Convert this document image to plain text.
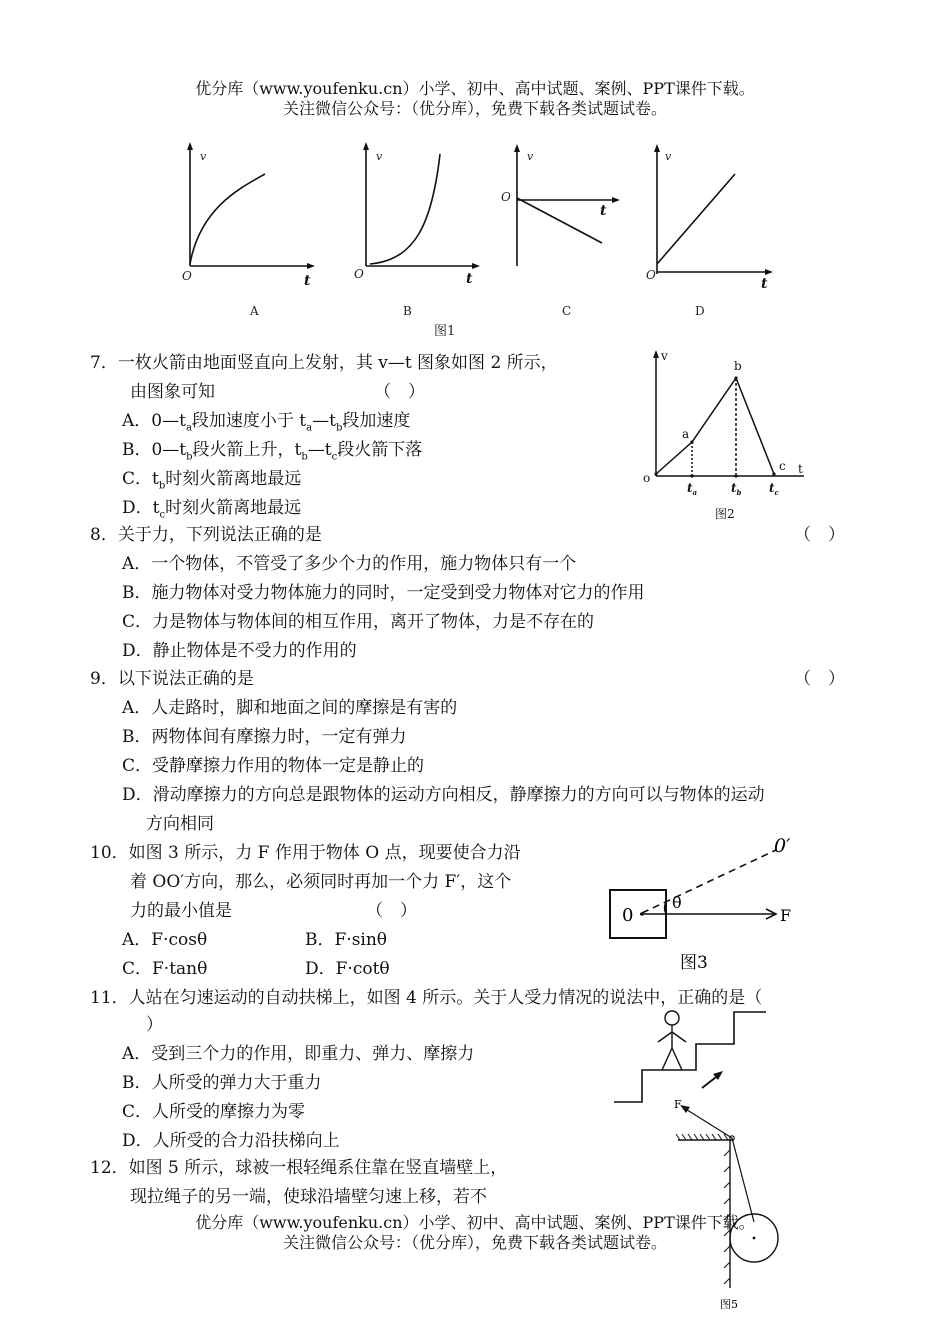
优分库（www.youfenku.cn）小学、初中、高中试题、案例、PPT课件下载。
关注微信公众号：（优分库），免费下载各类试题试卷。
v	v	v	v
O	O
O
O
t	t
t
t
A	B	C	D
图1
7．一枚火箭由地面竖直向上发射，其 v—t 图象如图 2 所示，
由图象可知	（　）
A．$0—t_a$段加速度小于 $t_a—t_b$段加速度
B．$0—t_b$段火箭上升，$t_b—t_c$段火箭下落
C．$t_b$时刻火箭离地最远
D．$t_c$时刻火箭离地最远
v
t
o
a
b
c
$t_a$	$t_b$ $t_c$
图2
8．关于力，下列说法正确的是	（　）
A．一个物体，不管受了多少个力的作用，施力物体只有一个
B．施力物体对受力物体施力的同时，一定受到受力物体对它力的作用
C．力是物体与物体间的相互作用，离开了物体，力是不存在的
D．静止物体是不受力的作用的
9．以下说法正确的是	（　）
A．人走路时，脚和地面之间的摩擦是有害的
B．两物体间有摩擦力时，一定有弹力
C．受静摩擦力作用的物体一定是静止的
D．滑动摩擦力的方向总是跟物体的运动方向相反，静摩擦力的方向可以与物体的运动
方向相同
10．如图 3 所示，力 F 作用于物体 O 点，现要使合力沿
着 OO′方向，那么，必须同时再加一个力 F′，这个
力的最小值是	（　）
A．F·cosθ	B．F·sinθ
C．F·tanθ	D．F·cotθ
0
0′
θ
F
图3
11．人站在匀速运动的自动扶梯上，如图 4 所示。关于人受力情况的说法中，正确的是（
）
A．受到三个力的作用，即重力、弹力、摩擦力
B．人所受的弹力大于重力
C．人所受的摩擦力为零
D．人所受的合力沿扶梯向上
F
图5
12．如图 5 所示，球被一根轻绳系住靠在竖直墙壁上，
现拉绳子的另一端，使球沿墙壁匀速上移，若不
优分库（www.youfenku.cn）小学、初中、高中试题、案例、PPT课件下载。
关注微信公众号：（优分库），免费下载各类试题试卷。
